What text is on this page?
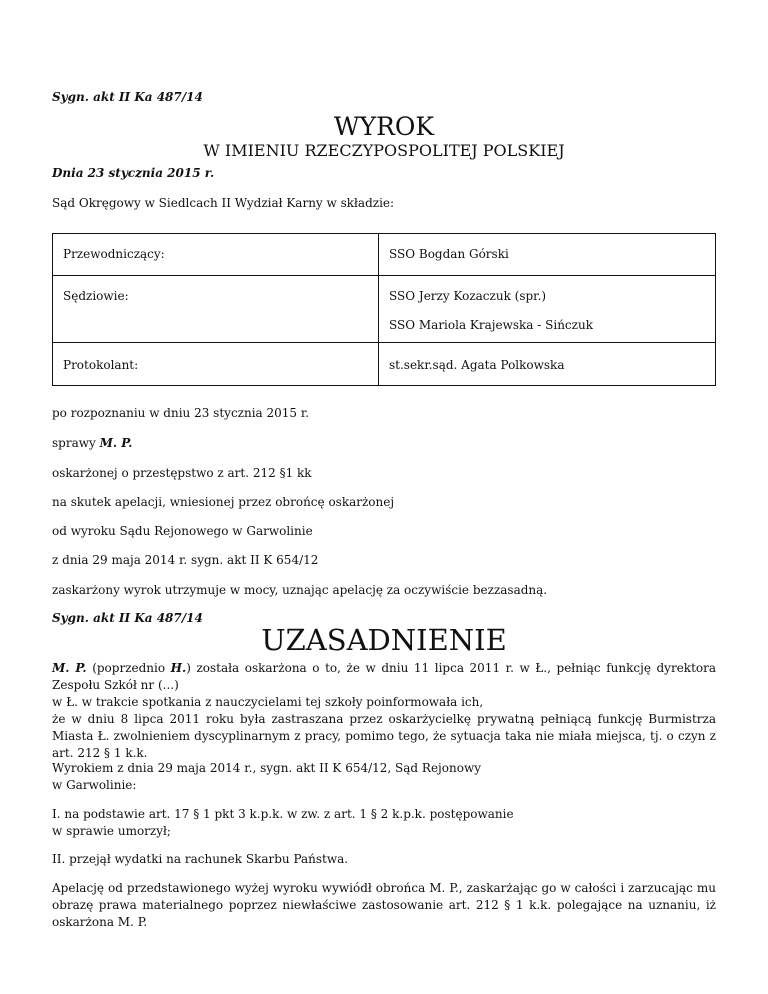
Sygn. akt II Ka 487/14
WYROK
W IMIENIU RZECZYPOSPOLITEJ POLSKIEJ
Dnia 23 stycznia 2015 r.
Sąd Okręgowy w Siedlcach II Wydział Karny w składzie:
Przewodniczący:	SSO Bogdan Górski
Sędziowie:	SSO Jerzy Kozaczuk (spr.)
SSO Mariola Krajewska - Sińczuk

Protokolant:	st.sekr.sąd. Agata Polkowska
po rozpoznaniu w dniu 23 stycznia 2015 r.
sprawy M. P.
oskarżonej o przestępstwo z art. 212 §1 kk
na skutek apelacji, wniesionej przez obrońcę oskarżonej
od wyroku Sądu Rejonowego w Garwolinie
z dnia 29 maja 2014 r. sygn. akt II K 654/12
zaskarżony wyrok utrzymuje w mocy, uznając apelację za oczywiście bezzasadną.
Sygn. akt II Ka 487/14
UZASADNIENIE
M. P. (poprzednio H.) została oskarżona o to, że w dniu 11 lipca 2011 r. w Ł., pełniąc funkcję dyrektora Zespołu Szkół nr (...)
w Ł. w trakcie spotkania z nauczycielami tej szkoły poinformowała ich,
że w dniu 8 lipca 2011 roku była zastraszana przez oskarżycielkę prywatną pełniącą funkcję Burmistrza Miasta Ł. zwolnieniem dyscyplinarnym z pracy, pomimo tego, że sytuacja taka nie miała miejsca, tj. o czyn z art. 212 § 1 k.k.
Wyrokiem z dnia 29 maja 2014 r., sygn. akt II K 654/12, Sąd Rejonowy
w Garwolinie:
I. na podstawie art. 17 § 1 pkt 3 k.p.k. w zw. z art. 1 § 2 k.p.k. postępowanie
w sprawie umorzył;
II. przejął wydatki na rachunek Skarbu Państwa.
Apelację od przedstawionego wyżej wyroku wywiódł obrońca M. P., zaskarżając go w całości i zarzucając mu obrazę prawa materialnego poprzez niewłaściwe zastosowanie art. 212 § 1 k.k. polegające na uznaniu, iż oskarżona M. P.
